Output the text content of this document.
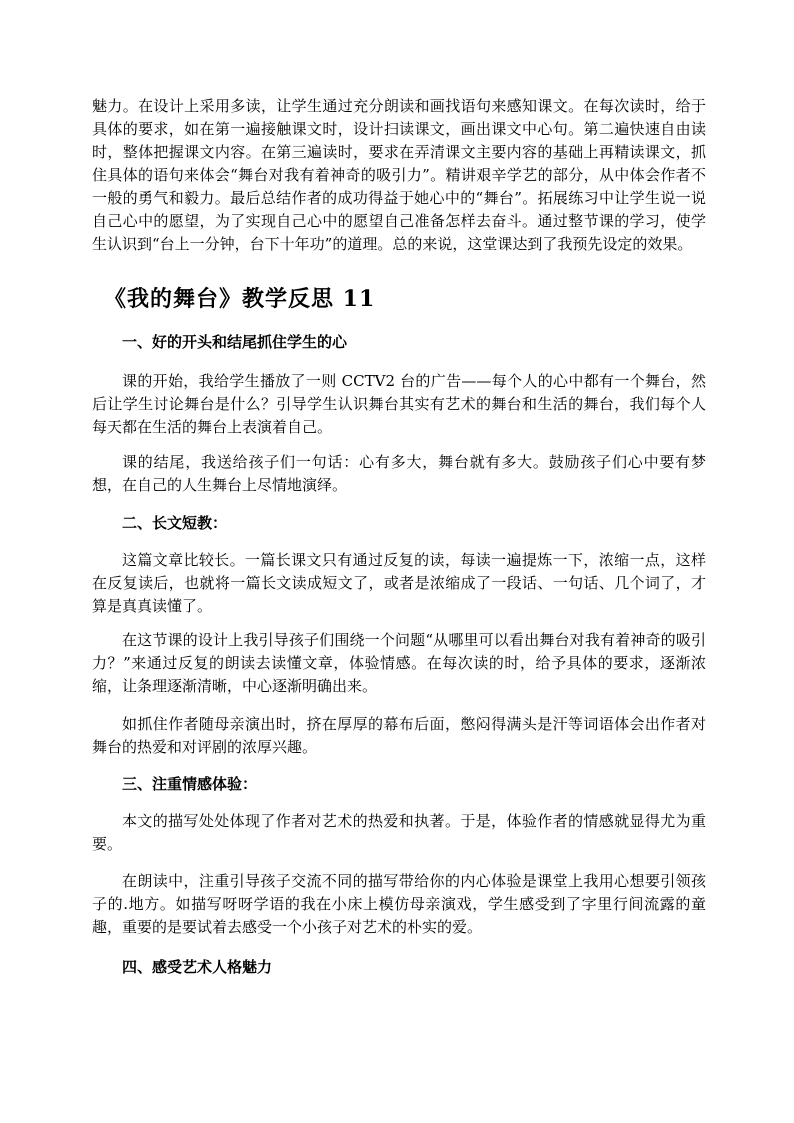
魅力。在设计上采用多读，让学生通过充分朗读和画找语句来感知课文。在每次读时，给于具体的要求，如在第一遍接触课文时，设计扫读课文，画出课文中心句。第二遍快速自由读时，整体把握课文内容。在第三遍读时，要求在弄清课文主要内容的基础上再精读课文，抓住具体的语句来体会“舞台对我有着神奇的吸引力”。精讲艰辛学艺的部分，从中体会作者不一般的勇气和毅力。最后总结作者的成功得益于她心中的“舞台”。拓展练习中让学生说一说自己心中的愿望，为了实现自己心中的愿望自己准备怎样去奋斗。通过整节课的学习，使学生认识到“台上一分钟，台下十年功”的道理。总的来说，这堂课达到了我预先设定的效果。

《我的舞台》教学反思 11
一、好的开头和结尾抓住学生的心

课的开始，我给学生播放了一则 CCTV2 台的广告——每个人的心中都有一个舞台，然后让学生讨论舞台是什么？引导学生认识舞台其实有艺术的舞台和生活的舞台，我们每个人每天都在生活的舞台上表演着自己。

课的结尾，我送给孩子们一句话：心有多大，舞台就有多大。鼓励孩子们心中要有梦想，在自己的人生舞台上尽情地演绎。

二、长文短教：

这篇文章比较长。一篇长课文只有通过反复的读，每读一遍提炼一下，浓缩一点，这样在反复读后，也就将一篇长文读成短文了，或者是浓缩成了一段话、一句话、几个词了，才算是真真读懂了。

在这节课的设计上我引导孩子们围绕一个问题“从哪里可以看出舞台对我有着神奇的吸引力？”来通过反复的朗读去读懂文章，体验情感。在每次读的时，给予具体的要求，逐渐浓缩，让条理逐渐清晰，中心逐渐明确出来。

如抓住作者随母亲演出时，挤在厚厚的幕布后面，憋闷得满头是汗等词语体会出作者对舞台的热爱和对评剧的浓厚兴趣。

三、注重情感体验：

本文的描写处处体现了作者对艺术的热爱和执著。于是，体验作者的情感就显得尤为重要。

在朗读中，注重引导孩子交流不同的描写带给你的内心体验是课堂上我用心想要引领孩子的.地方。如描写呀呀学语的我在小床上模仿母亲演戏，学生感受到了字里行间流露的童趣，重要的是要试着去感受一个小孩子对艺术的朴实的爱。

四、感受艺术人格魅力
